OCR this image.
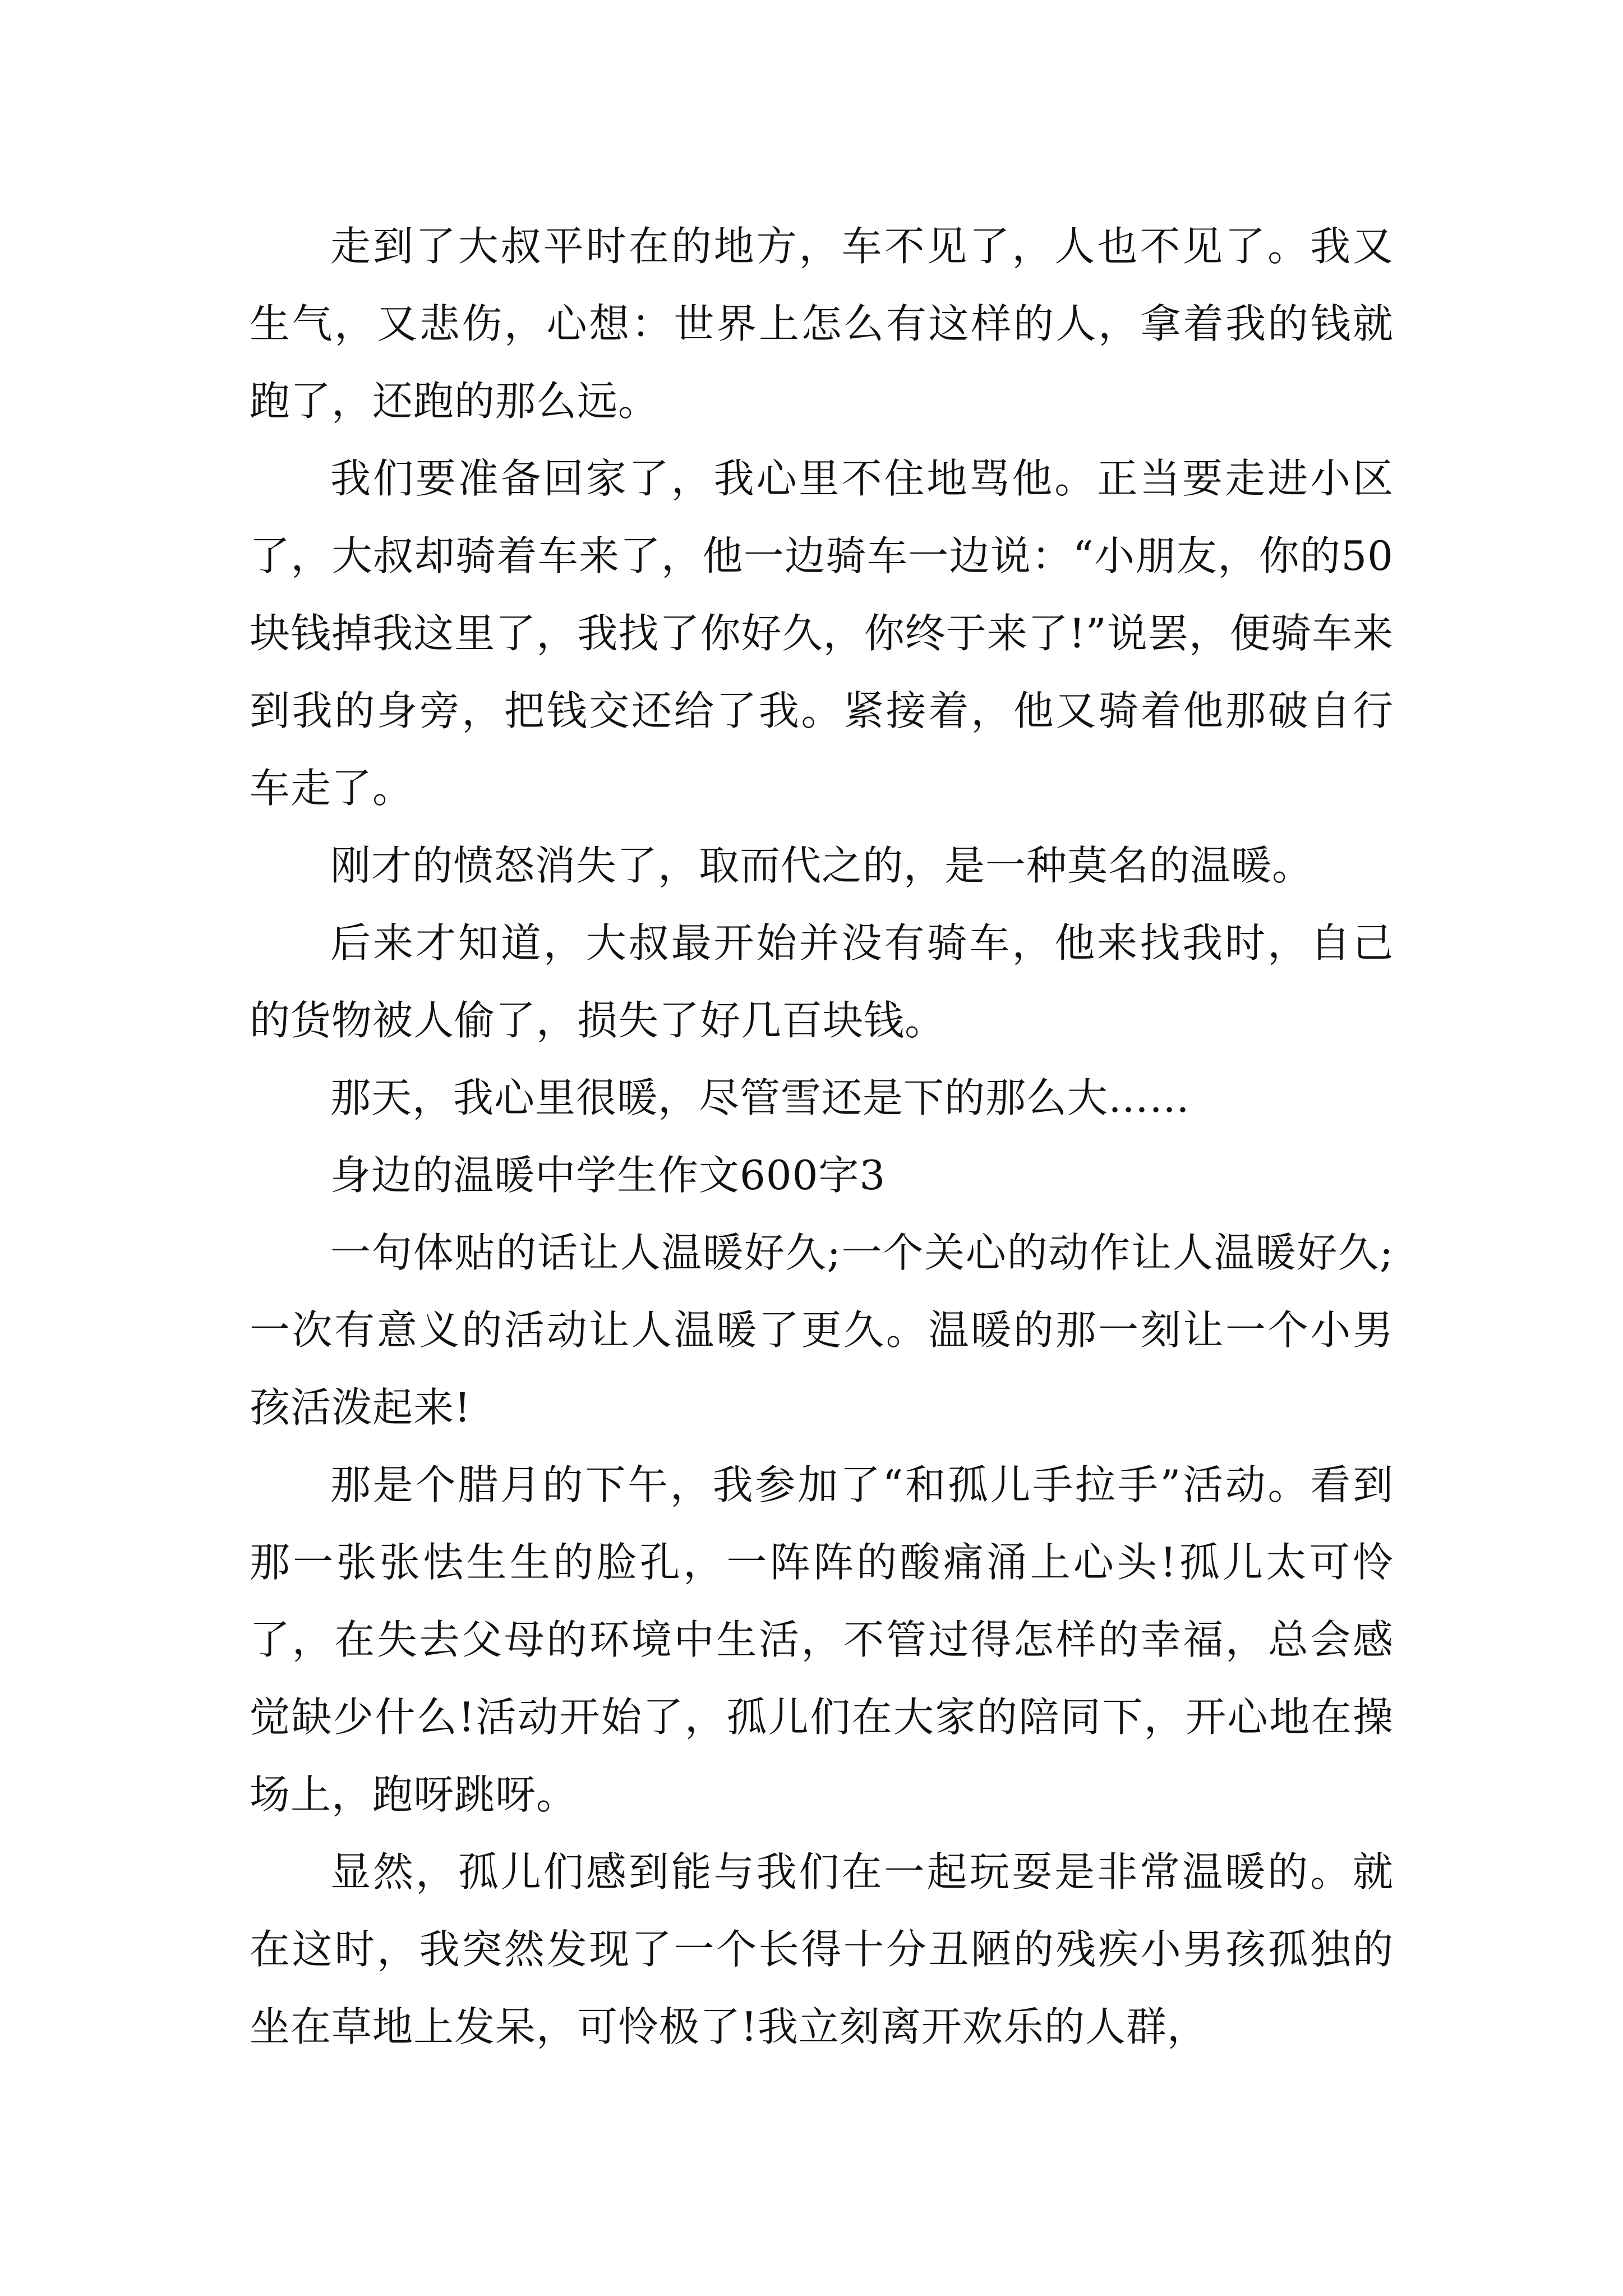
走到了大叔平时在的地方，车不见了，人也不见了。我又生气，又悲伤，心想：世界上怎么有这样的人，拿着我的钱就跑了，还跑的那么远。

我们要准备回家了，我心里不住地骂他。正当要走进小区了，大叔却骑着车来了，他一边骑车一边说：“小朋友，你的50块钱掉我这里了，我找了你好久，你终于来了!”说罢，便骑车来到我的身旁，把钱交还给了我。紧接着，他又骑着他那破自行车走了。

刚才的愤怒消失了，取而代之的，是一种莫名的温暖。

后来才知道，大叔最开始并没有骑车，他来找我时，自己的货物被人偷了，损失了好几百块钱。

那天，我心里很暖，尽管雪还是下的那么大……

身边的温暖中学生作文600字3

一句体贴的话让人温暖好久;一个关心的动作让人温暖好久;一次有意义的活动让人温暖了更久。温暖的那一刻让一个小男孩活泼起来!

那是个腊月的下午，我参加了“和孤儿手拉手”活动。看到那一张张怯生生的脸孔，一阵阵的酸痛涌上心头!孤儿太可怜了，在失去父母的环境中生活，不管过得怎样的幸福，总会感觉缺少什么!活动开始了，孤儿们在大家的陪同下，开心地在操场上，跑呀跳呀。

显然，孤儿们感到能与我们在一起玩耍是非常温暖的。就在这时，我突然发现了一个长得十分丑陋的残疾小男孩孤独的坐在草地上发呆，可怜极了!我立刻离开欢乐的人群，
